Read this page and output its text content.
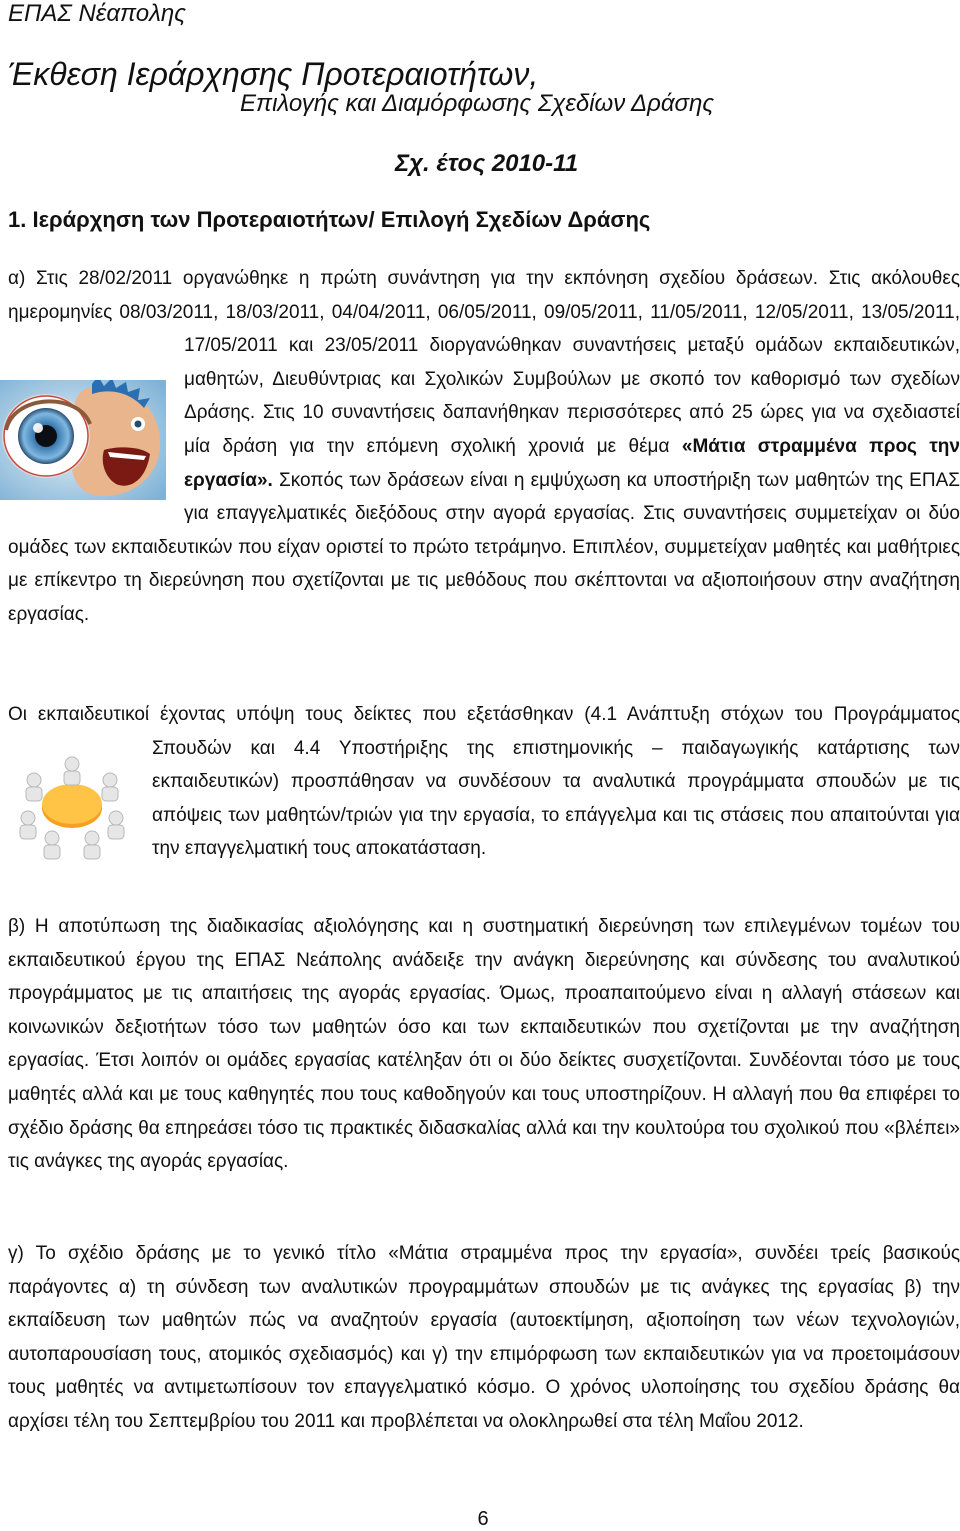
ΕΠΑΣ Νέαπολης
Έκθεση Ιεράρχησης Προτεραιοτήτων,
Επιλογής και Διαμόρφωσης Σχεδίων Δράσης
Σχ. έτος 2010-11
1. Ιεράρχηση των Προτεραιοτήτων/ Επιλογή Σχεδίων Δράσης

α) Στις 28/02/2011 οργανώθηκε η πρώτη συνάντηση για την εκπόνηση σχεδίου δράσεων. Στις ακόλουθες ημερομηνίες 08/03/2011, 18/03/2011, 04/04/2011, 06/05/2011, 09/05/2011, 11/05/2011, 12/05/2011, 13/05/2011, 17/05/2011 και 23/05/2011 διοργανώθηκαν συναντήσεις μεταξύ ομάδων εκπαιδευτικών, μαθητών, Διευθύντριας και Σχολικών Συμβούλων με σκοπό τον καθορισμό των σχεδίων Δράσης. Στις 10 συναντήσεις δαπανήθηκαν περισσότερες από 25 ώρες για να σχεδιαστεί μία δράση για την επόμενη σχολική χρονιά με θέμα «Μάτια στραμμένα προς την εργασία». Σκοπός των δράσεων είναι η εμψύχωση κα υποστήριξη των μαθητών της ΕΠΑΣ για επαγγελματικές διεξόδους στην αγορά εργασίας. Στις συναντήσεις συμμετείχαν οι δύο ομάδες των εκπαιδευτικών που είχαν οριστεί το πρώτο τετράμηνο. Επιπλέον, συμμετείχαν μαθητές και μαθήτριες με επίκεντρο τη διερεύνηση που σχετίζονται με τις μεθόδους που σκέπτονται να αξιοποιήσουν στην αναζήτηση εργασίας.

Οι εκπαιδευτικοί έχοντας υπόψη τους δείκτες που εξετάσθηκαν (4.1 Ανάπτυξη στόχων του Προγράμματος Σπουδών και 4.4 Υποστήριξης της επιστημονικής – παιδαγωγικής κατάρτισης των εκπαιδευτικών) προσπάθησαν να συνδέσουν τα αναλυτικά προγράμματα σπουδών με τις απόψεις των μαθητών/τριών για την εργασία, το επάγγελμα και τις στάσεις που απαιτούνται για την επαγγελματική τους αποκατάσταση.

β) Η αποτύπωση της διαδικασίας αξιολόγησης και η συστηματική διερεύνηση των επιλεγμένων τομέων του εκπαιδευτικού έργου της ΕΠΑΣ Νεάπολης ανάδειξε την ανάγκη διερεύνησης και σύνδεσης του αναλυτικού προγράμματος με τις απαιτήσεις της αγοράς εργασίας. Όμως, προαπαιτούμενο είναι η αλλαγή στάσεων και κοινωνικών δεξιοτήτων τόσο των μαθητών όσο και των εκπαιδευτικών που σχετίζονται με την αναζήτηση εργασίας. Έτσι λοιπόν οι ομάδες εργασίας κατέληξαν ότι οι δύο δείκτες συσχετίζονται. Συνδέονται τόσο με τους μαθητές αλλά και με τους καθηγητές που τους καθοδηγούν και τους υποστηρίζουν. Η αλλαγή που θα επιφέρει το σχέδιο δράσης θα επηρεάσει τόσο τις πρακτικές διδασκαλίας αλλά και την κουλτούρα του σχολικού που «βλέπει» τις ανάγκες της αγοράς εργασίας.

γ) Το σχέδιο δράσης με το γενικό τίτλο «Μάτια στραμμένα προς την εργασία», συνδέει τρείς βασικούς παράγοντες α) τη σύνδεση των αναλυτικών προγραμμάτων σπουδών με τις ανάγκες της εργασίας β) την εκπαίδευση των μαθητών πώς να αναζητούν εργασία (αυτοεκτίμηση, αξιοποίηση των νέων τεχνολογιών, αυτοπαρουσίαση τους, ατομικός σχεδιασμός) και γ) την επιμόρφωση των εκπαιδευτικών για να προετοιμάσουν τους μαθητές να αντιμετωπίσουν τον επαγγελματικό κόσμο. Ο χρόνος υλοποίησης του σχεδίου δράσης θα αρχίσει τέλη του Σεπτεμβρίου του 2011 και προβλέπεται να ολοκληρωθεί στα τέλη Μαΐου 2012.

6
